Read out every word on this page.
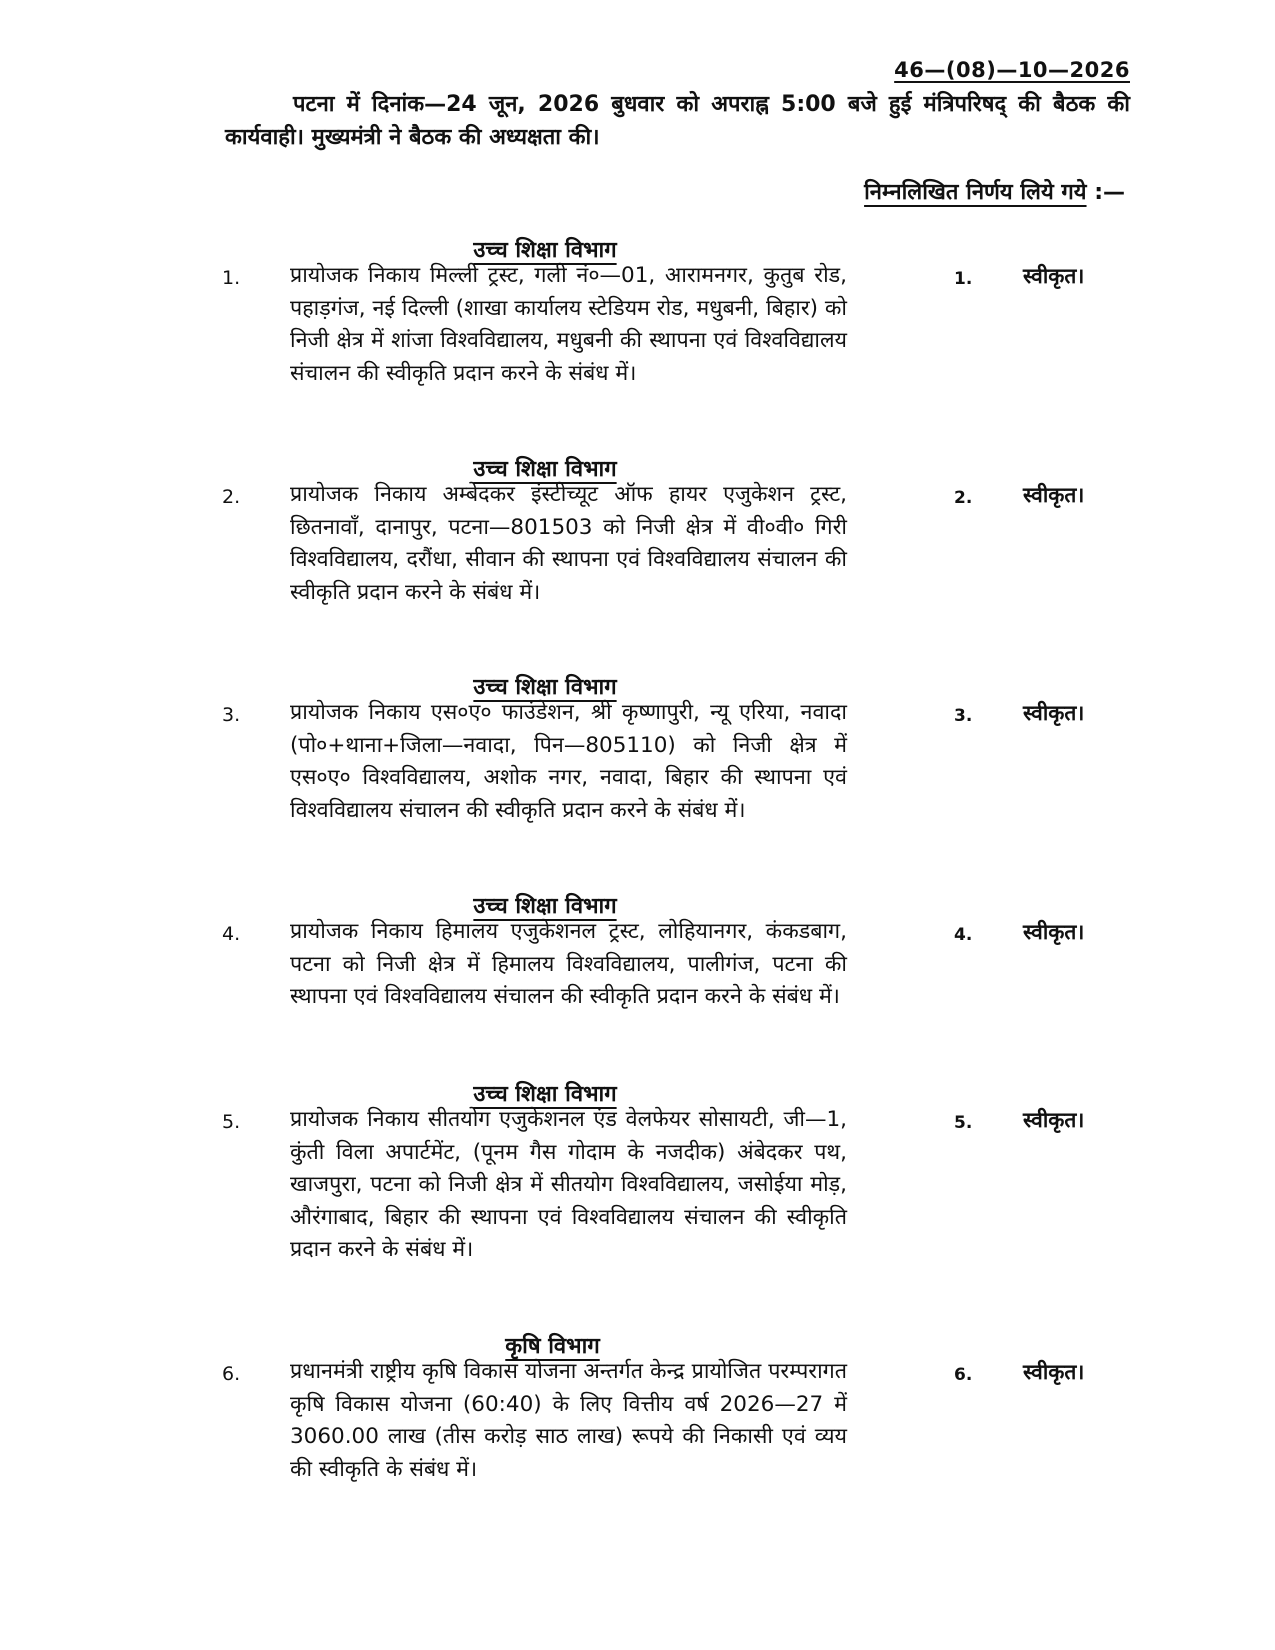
46—(08)—10—2026

पटना में दिनांक—24 जून, 2026 बुधवार को अपराह्न 5:00 बजे हुई मंत्रिपरिषद् की बैठक की कार्यवाही। मुख्यमंत्री ने बैठक की अध्यक्षता की।

निम्नलिखित निर्णय लिये गये :—
उच्च शिक्षा विभाग
1. प्रायोजक निकाय मिल्ली ट्रस्ट, गली नं०—01, आरामनगर, कुतुब रोड, पहाड़गंज, नई दिल्ली (शाखा कार्यालय स्टेडियम रोड, मधुबनी, बिहार) को निजी क्षेत्र में शांजा विश्वविद्यालय, मधुबनी की स्थापना एवं विश्वविद्यालय संचालन की स्वीकृति प्रदान करने के संबंध में।
1. स्वीकृत।
उच्च शिक्षा विभाग
2. प्रायोजक निकाय अम्बेदकर इंस्टीच्यूट ऑफ हायर एजुकेशन ट्रस्ट, छितनावाँ, दानापुर, पटना—801503 को निजी क्षेत्र में वी०वी० गिरी विश्वविद्यालय, दरौंधा, सीवान की स्थापना एवं विश्वविद्यालय संचालन की स्वीकृति प्रदान करने के संबंध में।
2. स्वीकृत।
उच्च शिक्षा विभाग
3. प्रायोजक निकाय एस०ए० फाउंडेशन, श्री कृष्णापुरी, न्यू एरिया, नवादा (पो०+थाना+जिला—नवादा, पिन—805110) को निजी क्षेत्र में एस०ए० विश्वविद्यालय, अशोक नगर, नवादा, बिहार की स्थापना एवं विश्वविद्यालय संचालन की स्वीकृति प्रदान करने के संबंध में।
3. स्वीकृत।
उच्च शिक्षा विभाग
4. प्रायोजक निकाय हिमालय एजुकेशनल ट्रस्ट, लोहियानगर, कंकडबाग, पटना को निजी क्षेत्र में हिमालय विश्वविद्यालय, पालीगंज, पटना की स्थापना एवं विश्वविद्यालय संचालन की स्वीकृति प्रदान करने के संबंध में।
4. स्वीकृत।
उच्च शिक्षा विभाग
5. प्रायोजक निकाय सीतयोग एजुकेशनल एंड वेलफेयर सोसायटी, जी—1, कुंती विला अपार्टमेंट, (पूनम गैस गोदाम के नजदीक) अंबेदकर पथ, खाजपुरा, पटना को निजी क्षेत्र में सीतयोग विश्वविद्यालय, जसोईया मोड़, औरंगाबाद, बिहार की स्थापना एवं विश्वविद्यालय संचालन की स्वीकृति प्रदान करने के संबंध में।
5. स्वीकृत।
कृषि विभाग
6. प्रधानमंत्री राष्ट्रीय कृषि विकास योजना अन्तर्गत केन्द्र प्रायोजित परम्परागत कृषि विकास योजना (60:40) के लिए वित्तीय वर्ष 2026—27 में 3060.00 लाख (तीस करोड़ साठ लाख) रूपये की निकासी एवं व्यय की स्वीकृति के संबंध में।
6. स्वीकृत।
